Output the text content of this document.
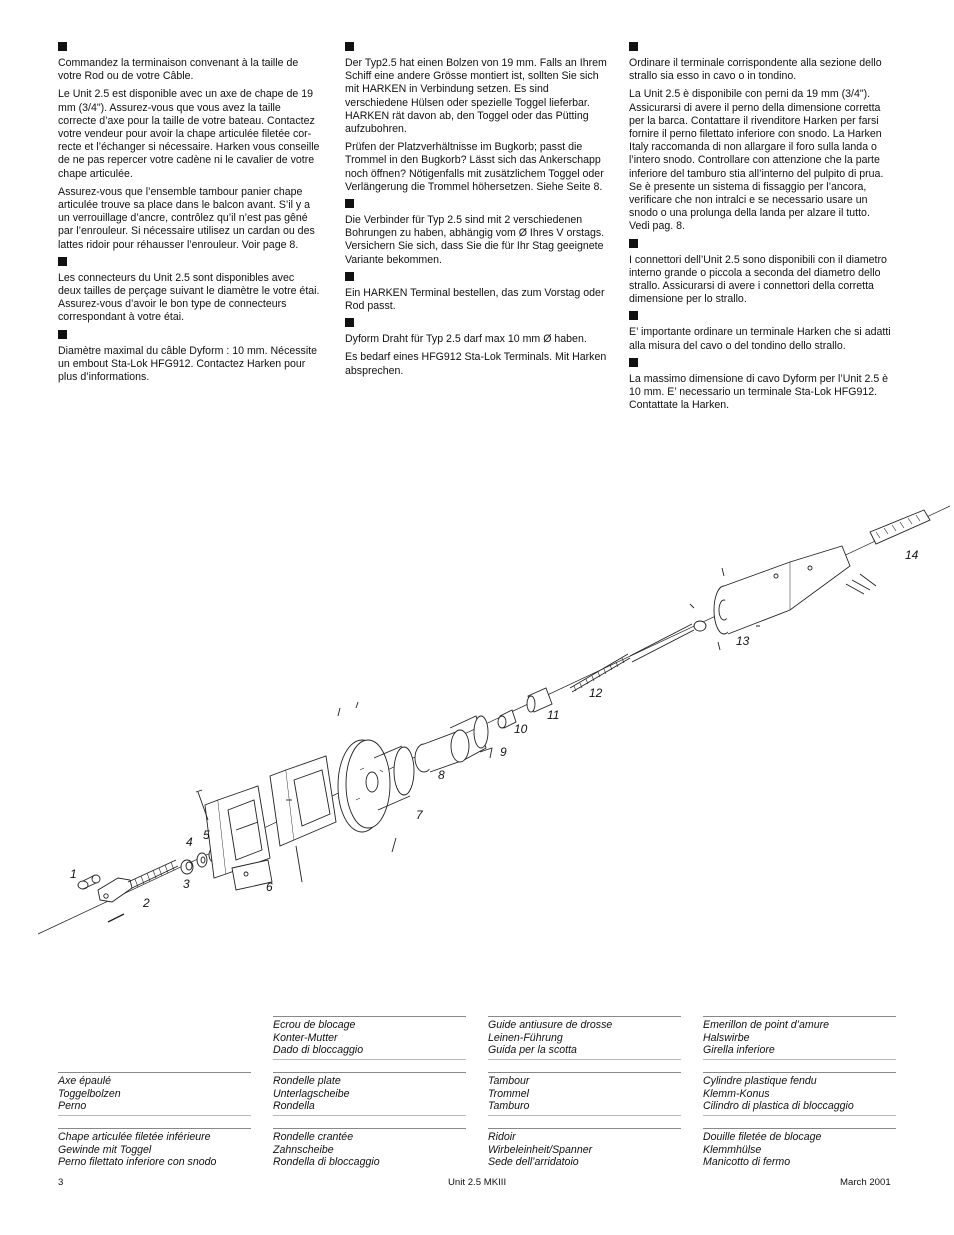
Commandez la terminaison convenant à la taille de votre Rod ou de votre Câble.

Le Unit 2.5 est disponible avec un axe de chape de 19 mm (3/4"). Assurez-vous que vous avez la taille correcte d’axe pour la taille de votre bateau. Contactez votre vendeur pour avoir la chape articulée filetée cor-recte et l’échanger si nécessaire. Harken vous conseille de ne pas repercer votre cadène ni le cavalier de votre chape articulée.

Assurez-vous que l’ensemble tambour panier chape articulée trouve sa place dans le balcon avant. S’il y a un verrouillage d’ancre, contrôlez qu’il n’est pas gêné par l’enrouleur. Si nécessaire utilisez un cardan ou des lattes ridoir pour réhausser l’enrouleur. Voir page 8.

Les connecteurs du Unit 2.5 sont disponibles avec deux tailles de perçage suivant le diamètre le votre étai. Assurez-vous d’avoir le bon type de connecteurs correspondant à votre étai.

Diamètre maximal du câble Dyform : 10 mm. Nécessite un embout Sta-Lok HFG912. Contactez Harken pour plus d’informations.

Der Typ2.5 hat einen Bolzen von 19 mm. Falls an Ihrem Schiff eine andere Grösse montiert ist, sollten Sie sich mit HARKEN in Verbindung setzen. Es sind verschiedene Hülsen oder spezielle Toggel lieferbar. HARKEN rät davon ab, den Toggel oder das Pütting aufzubohren.

Prüfen der Platzverhältnisse im Bugkorb; passt die Trommel in den Bugkorb? Lässt sich das Ankerschapp noch öffnen? Nötigenfalls mit zusätzlichem Toggel oder Verlängerung die Trommel höhersetzen. Siehe Seite 8.

Die Verbinder für Typ 2.5 sind mit 2 verschiedenen Bohrungen zu haben, abhängig vom Ø Ihres V orstags. Versichern Sie sich, dass Sie die für Ihr Stag geeignete Variante bekommen.

Ein HARKEN Terminal bestellen, das zum Vorstag oder Rod passt.

Dyform Draht für Typ 2.5 darf max 10 mm Ø haben.

Es bedarf eines HFG912 Sta-Lok Terminals. Mit Harken absprechen.

Ordinare il terminale corrispondente alla sezione dello strallo sia esso in cavo o in tondino.

La Unit 2.5 è disponibile con perni da 19 mm (3/4"). Assicurarsi di avere il perno della dimensione corretta per la barca. Contattare il rivenditore Harken per farsi fornire il perno filettato inferiore con snodo. La Harken Italy raccomanda di non allargare il foro sulla landa o l’intero snodo. Controllare con attenzione che la parte inferiore del tamburo stia all’interno del pulpito di prua. Se è presente un sistema di fissaggio per l’ancora, verificare che non intralci e se necessario usare un snodo o una prolunga della landa per alzare il tutto. Vedi pag. 8.

I connettori dell’Unit 2.5 sono disponibili con il diametro interno grande o piccola a seconda del diametro dello strallo. Assicurarsi di avere i connettori della corretta dimensione per lo strallo.

E’ importante ordinare un terminale Harken che si adatti alla misura del cavo o del tondino dello strallo.

La massimo dimensione di cavo Dyform per l’Unit 2.5 è 10 mm. E’ necessario un terminale Sta-Lok HFG912. Contattate la Harken.

1
2
3
4 5
6
7
8
9
10
11
12
13
14
Axe épaulé
Toggelbolzen
Perno
Chape articulée filetée inférieure
Gewinde mit Toggel
Perno filettato inferiore con snodo
Ecrou de blocage
Konter-Mutter
Dado di bloccaggio
Rondelle plate
Unterlagscheibe
Rondella
Rondelle crantée
Zahnscheibe
Rondella di bloccaggio
Guide antiusure de drosse
Leinen-Führung
Guida per la scotta
Tambour
Trommel
Tamburo
Ridoir
Wirbeleinheit/Spanner
Sede dell’arridatoio
Emerillon de point d’amure
Halswirbe
Girella inferiore
Cylindre plastique fendu
Klemm-Konus
Cilindro di plastica di bloccaggio
Douille filetée de blocage
Klemmhülse
Manicotto di fermo
3	Unit 2.5 MKIII	March 2001
